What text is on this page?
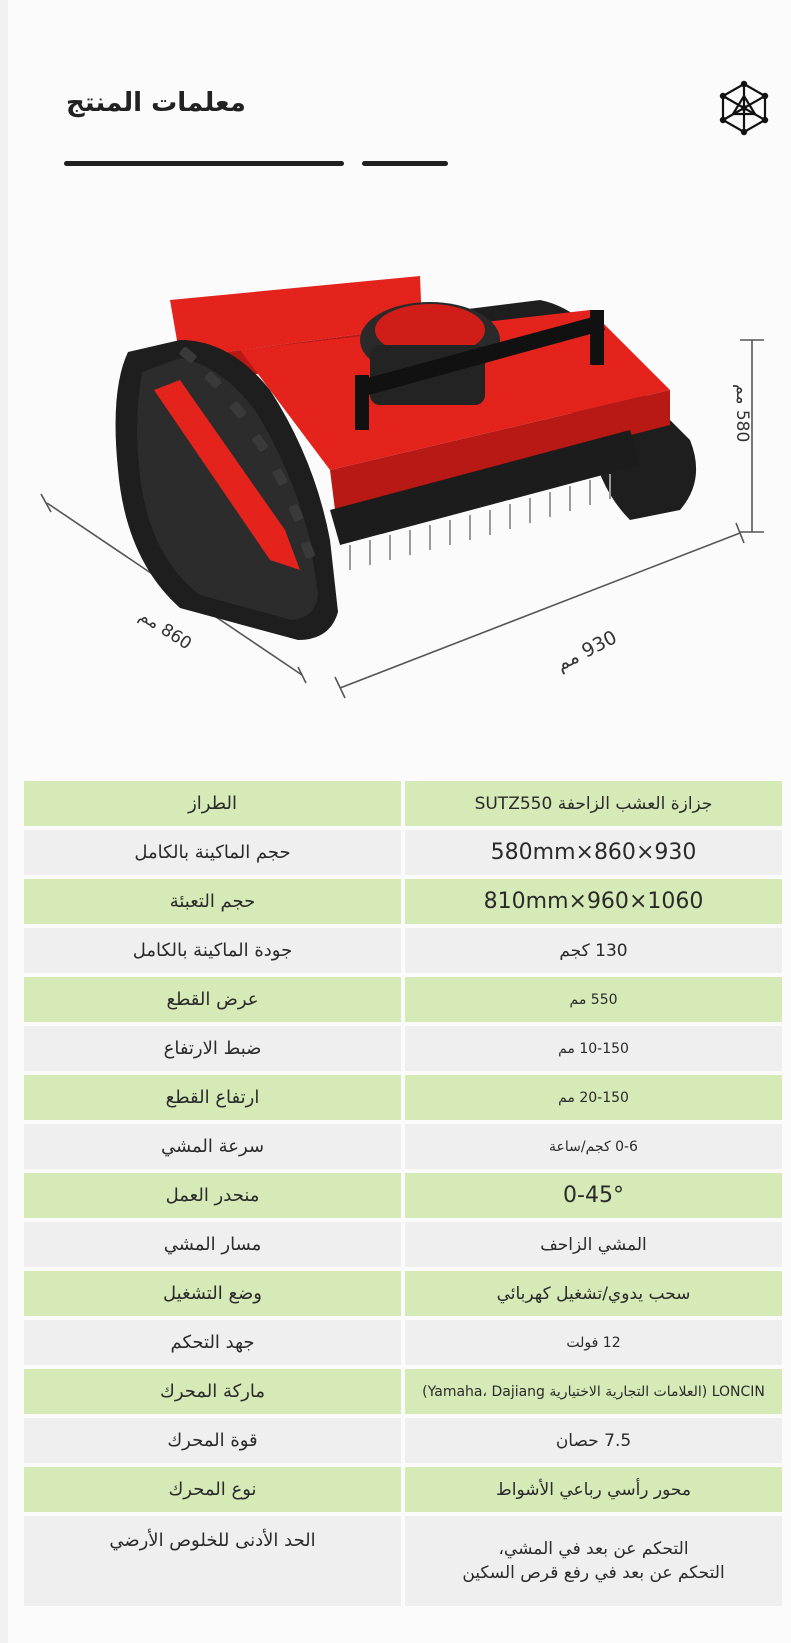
معلمات المنتج
930 مم
860 مم
580 مم
الطراز	جزازة العشب الزاحفة SUTZ550
حجم الماكينة بالكامل	930×860×580mm
حجم التعبئة	1060×960×810mm
جودة الماكينة بالكامل	130 كجم
عرض القطع	550 مم
ضبط الارتفاع	10-150 مم
ارتفاع القطع	20-150 مم
سرعة المشي	0-6 كجم/ساعة
منحدر العمل	0-45°
مسار المشي	المشي الزاحف
وضع التشغيل	سحب يدوي/تشغيل كهربائي
جهد التحكم	12 فولت
ماركة المحرك	LONCIN (العلامات التجارية الاختيارية Yamaha، Dajiang)
قوة المحرك	7.5 حصان
نوع المحرك	محور رأسي رباعي الأشواط
الحد الأدنى للخلوص الأرضي	التحكم عن بعد في المشي،
التحكم عن بعد في رفع قرص السكين
